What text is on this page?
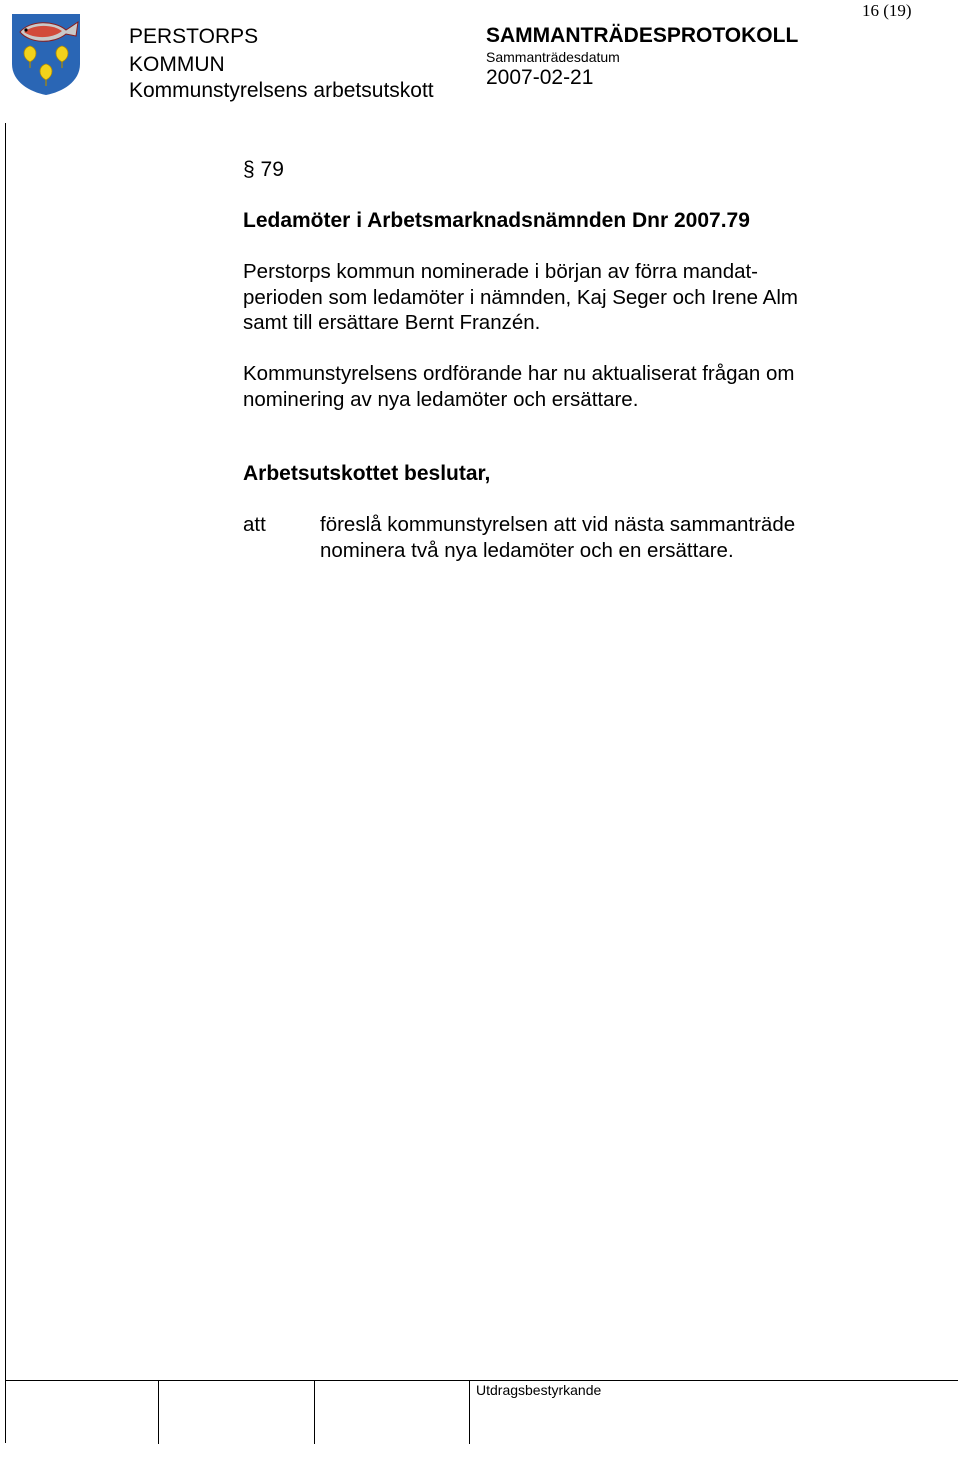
16 (19)
PERSTORPS
KOMMUN
Kommunstyrelsens arbetsutskott
SAMMANTRÄDESPROTOKOLL
Sammanträdesdatum
2007-02-21
§ 79
Ledamöter i Arbetsmarknadsnämnden Dnr 2007.79
Perstorps kommun nominerade i början av förra mandat-
perioden som ledamöter i nämnden, Kaj Seger och Irene Alm
samt till ersättare Bernt Franzén.
Kommunstyrelsens ordförande har nu aktualiserat frågan om
nominering av nya ledamöter och ersättare.
Arbetsutskottet beslutar,
att	föreslå kommunstyrelsen att vid nästa sammanträde
nominera två nya ledamöter och en ersättare.
Utdragsbestyrkande
